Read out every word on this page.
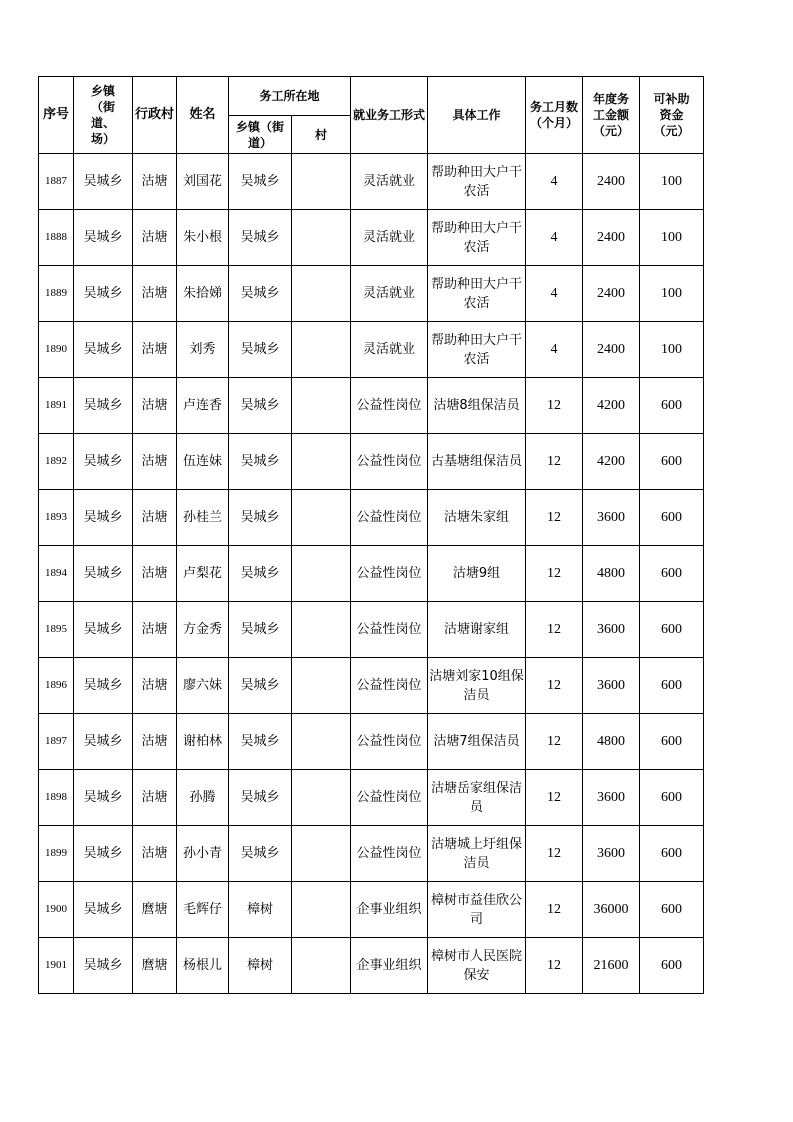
序号	乡镇（街道、场）	行政村	姓名	务工所在地		就业务工形式	具体工作	务工月数（个月）	年度务工金额（元）	可补助资金（元）
				乡镇（街道）	村					
1887	吴城乡	沽塘	刘国花	吴城乡		灵活就业	帮助种田大户干农活	4	2400	100
1888	吴城乡	沽塘	朱小根	吴城乡		灵活就业	帮助种田大户干农活	4	2400	100
1889	吴城乡	沽塘	朱拾娣	吴城乡		灵活就业	帮助种田大户干农活	4	2400	100
1890	吴城乡	沽塘	刘秀	吴城乡		灵活就业	帮助种田大户干农活	4	2400	100
1891	吴城乡	沽塘	卢连香	吴城乡		公益性岗位	沽塘8组保洁员	12	4200	600
1892	吴城乡	沽塘	伍连妹	吴城乡		公益性岗位	古基塘组保洁员	12	4200	600
1893	吴城乡	沽塘	孙桂兰	吴城乡		公益性岗位	沽塘朱家组	12	3600	600
1894	吴城乡	沽塘	卢梨花	吴城乡		公益性岗位	沽塘9组	12	4800	600
1895	吴城乡	沽塘	方金秀	吴城乡		公益性岗位	沽塘谢家组	12	3600	600
1896	吴城乡	沽塘	廖六妹	吴城乡		公益性岗位	沽塘刘家10组保洁员	12	3600	600
1897	吴城乡	沽塘	谢柏林	吴城乡		公益性岗位	沽塘7组保洁员	12	4800	600
1898	吴城乡	沽塘	孙腾	吴城乡		公益性岗位	沽塘岳家组保洁员	12	3600	600
1899	吴城乡	沽塘	孙小青	吴城乡		公益性岗位	沽塘城上圩组保洁员	12	3600	600
1900	吴城乡	麿塘	毛辉仔	樟树		企事业组织	樟树市益佳欣公司	12	36000	600
1901	吴城乡	麿塘	杨根儿	樟树		企事业组织	樟树市人民医院保安	12	21600	600
